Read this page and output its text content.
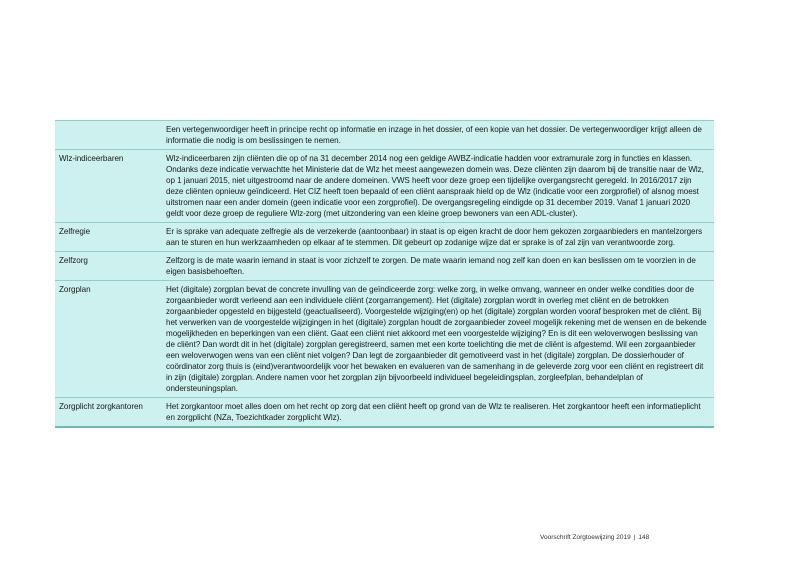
	Een vertegenwoordiger heeft in principe recht op informatie en inzage in het dossier, of een kopie van het dossier. De vertegenwoordiger krijgt alleen de informatie die nodig is om beslissingen te nemen.
Wlz-indiceerbaren	Wlz-indiceerbaren zijn cliënten die op of na 31 december 2014 nog een geldige AWBZ-indicatie hadden voor extramurale zorg in functies en klassen. Ondanks deze indicatie verwachtte het Ministerie dat de Wlz het meest aangewezen domein was. Deze cliënten zijn daarom bij de transitie naar de Wlz, op 1 januari 2015, niet uitgestroomd naar de andere domeinen. VWS heeft voor deze groep een tijdelijke overgangsrecht geregeld. In 2016/2017 zijn deze cliënten opnieuw geïndiceerd. Het CIZ heeft toen bepaald of een cliënt aanspraak hield op de Wlz (indicatie voor een zorgprofiel) of alsnog moest uitstromen naar een ander domein (geen indicatie voor een zorgprofiel). De overgangsregeling eindigde op 31 december 2019. Vanaf 1 januari 2020 geldt voor deze groep de reguliere Wlz-zorg (met uitzondering van een kleine groep bewoners van een ADL-cluster).
Zelfregie	Er is sprake van adequate zelfregie als de verzekerde (aantoonbaar) in staat is op eigen kracht de door hem gekozen zorgaanbieders en mantelzorgers aan te sturen en hun werkzaamheden op elkaar af te stemmen. Dit gebeurt op zodanige wijze dat er sprake is of zal zijn van verantwoorde zorg.
Zelfzorg	Zelfzorg is de mate waarin iemand in staat is voor zichzelf te zorgen. De mate waarin iemand nog zelf kan doen en kan beslissen om te voorzien in de eigen basisbehoeften.
Zorgplan	Het (digitale) zorgplan bevat de concrete invulling van de geïndiceerde zorg: welke zorg, in welke omvang, wanneer en onder welke condities door de zorgaanbieder wordt verleend aan een individuele cliënt (zorgarrangement). Het (digitale) zorgplan wordt in overleg met cliënt en de betrokken zorgaanbieder opgesteld en bijgesteld (geactualiseerd). Voorgestelde wijziging(en) op het (digitale) zorgplan worden vooraf besproken met de cliënt. Bij het verwerken van de voorgestelde wijzigingen in het (digitale) zorgplan houdt de zorgaanbieder zoveel mogelijk rekening met de wensen en de bekende mogelijkheden en beperkingen van een cliënt. Gaat een cliënt niet akkoord met een voorgestelde wijziging? En is dit een weloverwogen beslissing van de cliënt? Dan wordt dit in het (digitale) zorgplan geregistreerd, samen met een korte toelichting die met de cliënt is afgestemd. Wil een zorgaanbieder een weloverwogen wens van een cliënt niet volgen? Dan legt de zorgaanbieder dit gemotiveerd vast in het (digitale) zorgplan. De dossierhouder of coördinator zorg thuis is (eind)verantwoordelijk voor het bewaken en evalueren van de samenhang in de geleverde zorg voor een cliënt en registreert dit in zijn (digitale) zorgplan. Andere namen voor het zorgplan zijn bijvoorbeeld individueel begeleidingsplan, zorgleefplan, behandelplan of ondersteuningsplan.
Zorgplicht zorgkantoren	Het zorgkantoor moet alles doen om het recht op zorg dat een cliënt heeft op grond van de Wlz te realiseren. Het zorgkantoor heeft een informatieplicht en zorgplicht (NZa, Toezichtkader zorgplicht Wlz).
Voorschrift Zorgtoewijzing 2019 | 148
